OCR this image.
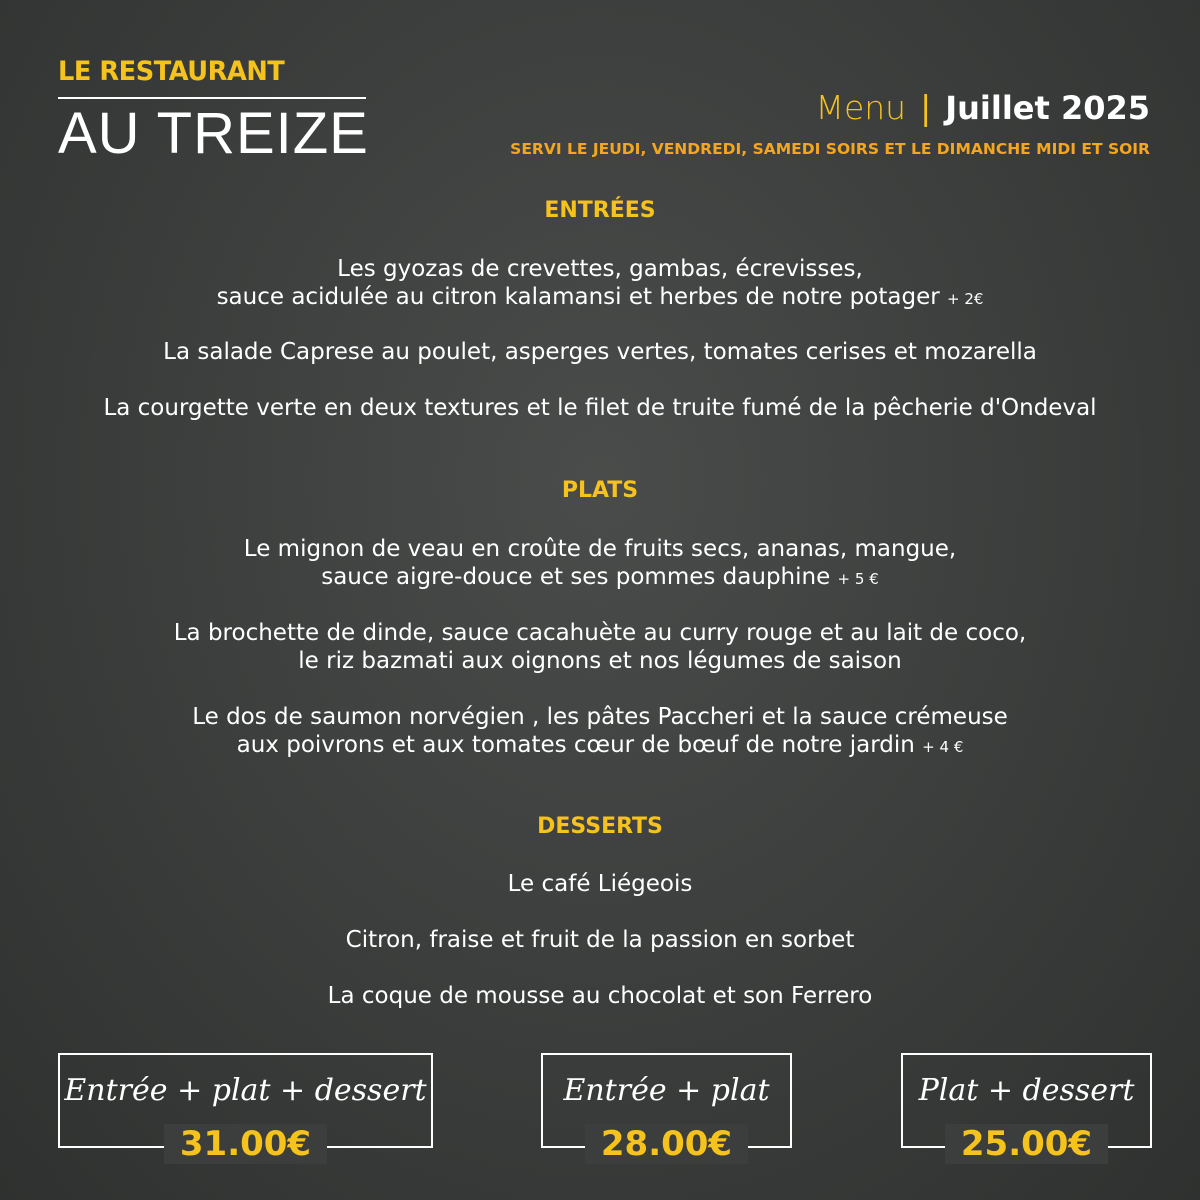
LE RESTAURANT
AU TREIZE	Menu | Juillet 2025
SERVI LE JEUDI, VENDREDI, SAMEDI SOIRS ET LE DIMANCHE MIDI ET SOIR
ENTRÉES
Les gyozas de crevettes, gambas, écrevisses,
sauce acidulée au citron kalamansi et herbes de notre potager + 2€
La salade Caprese au poulet, asperges vertes, tomates cerises et mozarella
La courgette verte en deux textures et le filet de truite fumé de la pêcherie d'Ondeval
PLATS
Le mignon de veau en croûte de fruits secs, ananas, mangue,
sauce aigre-douce et ses pommes dauphine + 5 €
La brochette de dinde, sauce cacahuète au curry rouge et au lait de coco,
le riz bazmati aux oignons et nos légumes de saison
Le dos de saumon norvégien , les pâtes Paccheri et la sauce crémeuse
aux poivrons et aux tomates cœur de bœuf de notre jardin + 4 €
DESSERTS
Le café Liégeois
Citron, fraise et fruit de la passion en sorbet
La coque de mousse au chocolat et son Ferrero
Entrée + plat + dessert
31.00€
Entrée + plat
28.00€
Plat + dessert
25.00€
